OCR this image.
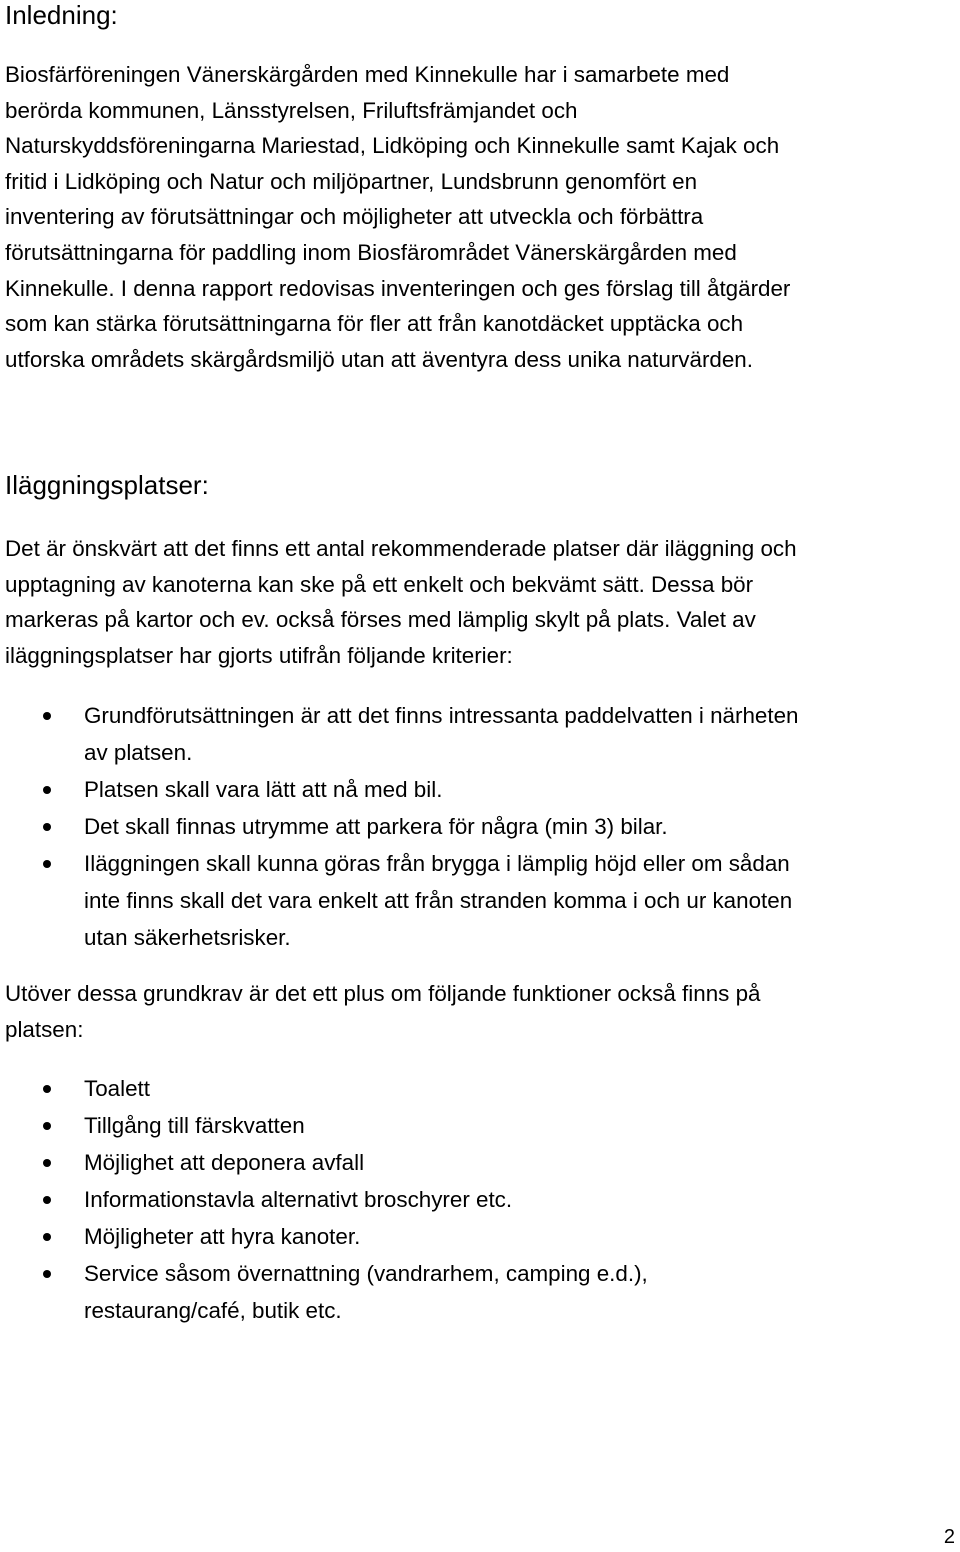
Inledning:

Biosfärföreningen Vänerskärgården med Kinnekulle har i samarbete med
berörda kommunen, Länsstyrelsen, Friluftsfrämjandet och
Naturskyddsföreningarna Mariestad, Lidköping och Kinnekulle samt Kajak och
fritid i Lidköping och Natur och miljöpartner, Lundsbrunn genomfört en
inventering av förutsättningar och möjligheter att utveckla och förbättra
förutsättningarna för paddling inom Biosfärområdet Vänerskärgården med
Kinnekulle. I denna rapport redovisas inventeringen och ges förslag till åtgärder
som kan stärka förutsättningarna för fler att från kanotdäcket upptäcka och
utforska områdets skärgårdsmiljö utan att äventyra dess unika naturvärden.

Iläggningsplatser:

Det är önskvärt att det finns ett antal rekommenderade platser där iläggning och
upptagning av kanoterna kan ske på ett enkelt och bekvämt sätt. Dessa bör
markeras på kartor och ev. också förses med lämplig skylt på plats. Valet av
iläggningsplatser har gjorts utifrån följande kriterier:

Grundförutsättningen är att det finns intressanta paddelvatten i närheten
av platsen.
Platsen skall vara lätt att nå med bil.
Det skall finnas utrymme att parkera för några (min 3) bilar.
Iläggningen skall kunna göras från brygga i lämplig höjd eller om sådan
inte finns skall det vara enkelt att från stranden komma i och ur kanoten
utan säkerhetsrisker.

Utöver dessa grundkrav är det ett plus om följande funktioner också finns på
platsen:

Toalett
Tillgång till färskvatten
Möjlighet att deponera avfall
Informationstavla alternativt broschyrer etc.
Möjligheter att hyra kanoter.
Service såsom övernattning (vandrarhem, camping e.d.),
restaurang/café, butik etc.
2
